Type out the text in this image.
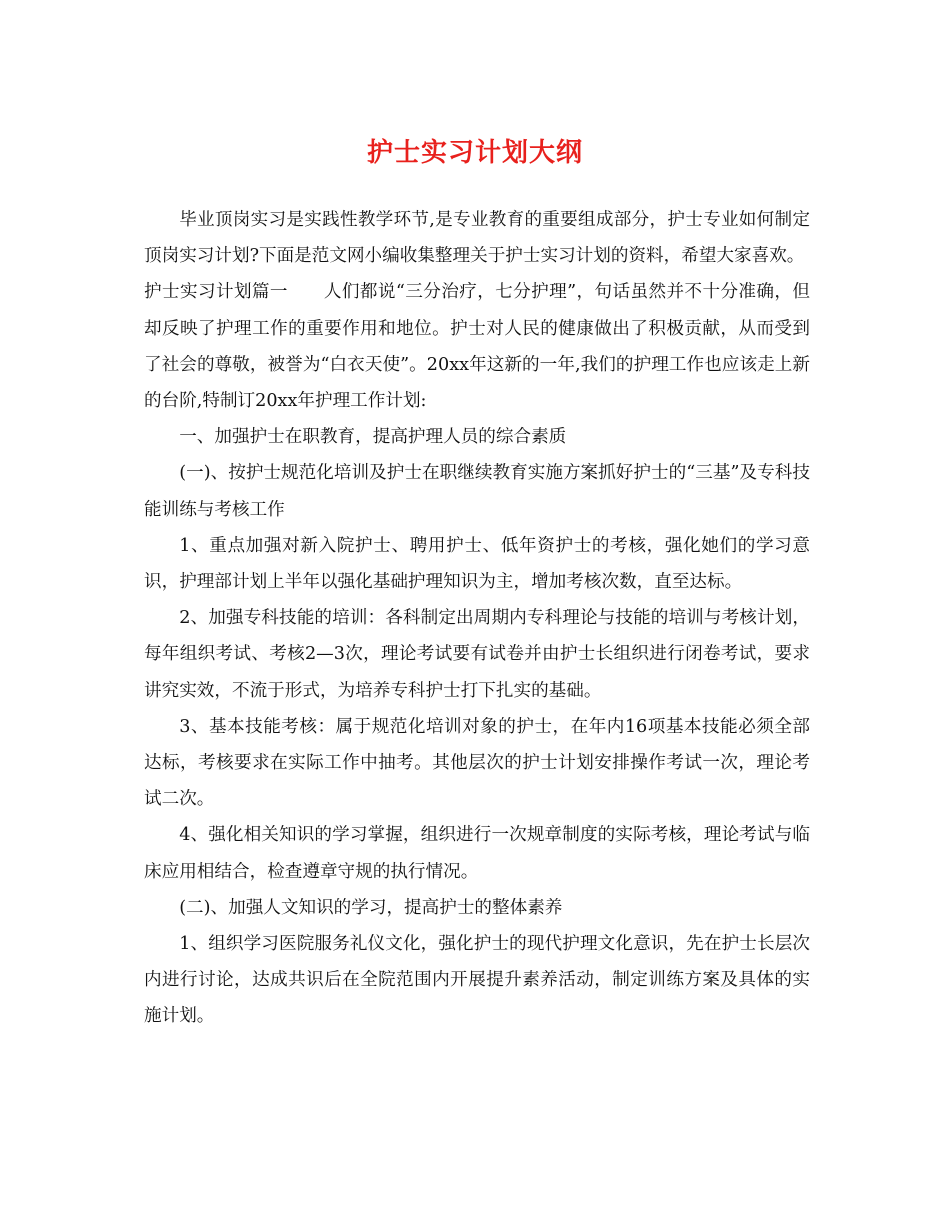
护士实习计划大纲

毕业顶岗实习是实践性教学环节,是专业教育的重要组成部分，护士专业如何制定顶岗实习计划?下面是范文网小编收集整理关于护士实习计划的资料，希望大家喜欢。

护士实习计划篇一　　人们都说“三分治疗，七分护理”，句话虽然并不十分准确，但却反映了护理工作的重要作用和地位。护士对人民的健康做出了积极贡献，从而受到了社会的尊敬，被誉为“白衣天使”。20xx年这新的一年,我们的护理工作也应该走上新的台阶,特制订20xx年护理工作计划:

一、加强护士在职教育，提高护理人员的综合素质

(一)、按护士规范化培训及护士在职继续教育实施方案抓好护士的“三基”及专科技能训练与考核工作

1、重点加强对新入院护士、聘用护士、低年资护士的考核，强化她们的学习意识，护理部计划上半年以强化基础护理知识为主，增加考核次数，直至达标。

2、加强专科技能的培训：各科制定出周期内专科理论与技能的培训与考核计划，每年组织考试、考核2—3次，理论考试要有试卷并由护士长组织进行闭卷考试，要求讲究实效，不流于形式，为培养专科护士打下扎实的基础。

3、基本技能考核：属于规范化培训对象的护士，在年内16项基本技能必须全部达标，考核要求在实际工作中抽考。其他层次的护士计划安排操作考试一次，理论考试二次。

4、强化相关知识的学习掌握，组织进行一次规章制度的实际考核，理论考试与临床应用相结合，检查遵章守规的执行情况。

(二)、加强人文知识的学习，提高护士的整体素养

1、组织学习医院服务礼仪文化，强化护士的现代护理文化意识，先在护士长层次内进行讨论，达成共识后在全院范围内开展提升素养活动，制定训练方案及具体的实施计划。
